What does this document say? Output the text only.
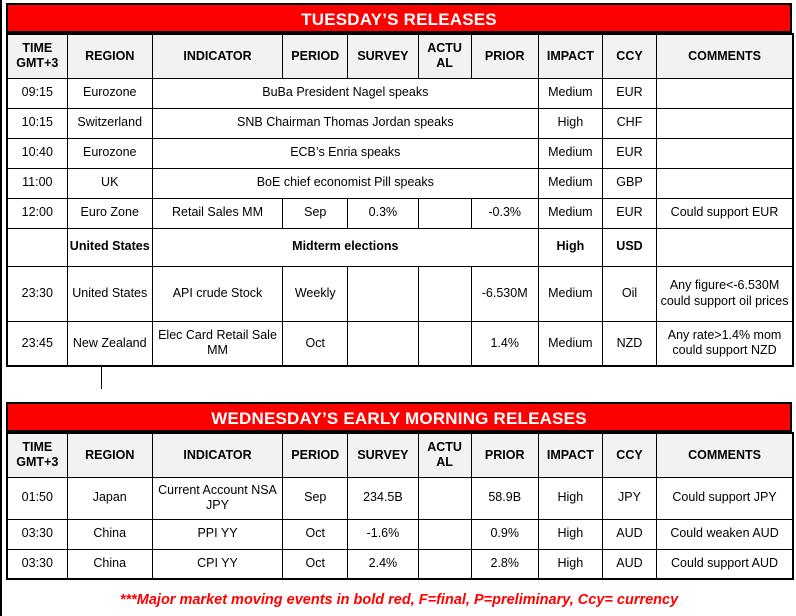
TUESDAY’S RELEASES
TIME
GMT+3	REGION	INDICATOR	PERIOD	SURVEY	ACTU
AL	PRIOR	IMPACT	CCY	COMMENTS
09:15	Eurozone	BuBa President Nagel speaks					Medium	EUR	
10:15	Switzerland	SNB Chairman Thomas Jordan speaks					High	CHF	
10:40	Eurozone	ECB’s Enria speaks					Medium	EUR	
11:00	UK	BoE chief economist Pill speaks					Medium	GBP	
12:00	Euro Zone	Retail Sales MM	Sep	0.3%		-0.3%	Medium	EUR	Could support EUR
	United States	Midterm elections					High	USD	
23:30	United States	API crude Stock	Weekly			-6.530M	Medium	Oil	Any figure<-6.530M could support oil prices
23:45	New Zealand	Elec Card Retail Sale MM	Oct			1.4%	Medium	NZD	Any rate>1.4% mom could support NZD
WEDNESDAY’S EARLY MORNING RELEASES
TIME
GMT+3	REGION	INDICATOR	PERIOD	SURVEY	ACTU
AL	PRIOR	IMPACT	CCY	COMMENTS
01:50	Japan	Current Account NSA JPY	Sep	234.5B		58.9B	High	JPY	Could support JPY
03:30	China	PPI YY	Oct	-1.6%		0.9%	High	AUD	Could weaken AUD
03:30	China	CPI YY	Oct	2.4%		2.8%	High	AUD	Could support AUD
***Major market moving events in bold red, F=final, P=preliminary, Ccy= currency
